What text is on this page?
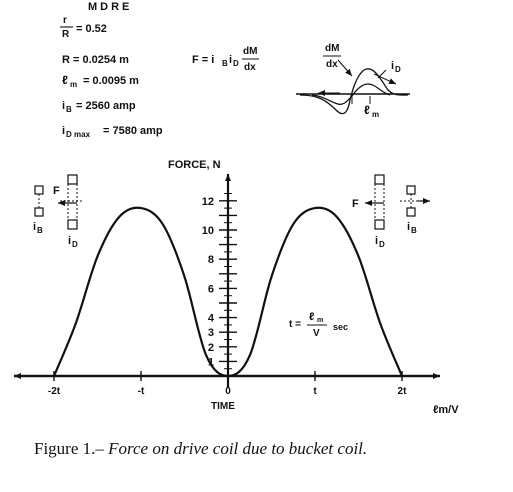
MDRE
r
R = 0.52
R = 0.0254 m
ℓ m = 0.0095 m
i B = 2560 amp
i D max = 7580 amp
F = i B i D
dM
dx
dM
dx	i D
ℓ m
F
i B
i D
F
i D
i B
1
2
3
4
6
8
10
12
-2t	-t	0	t	2t
FORCE, N
TIME	ℓm/V
t =
ℓ m
V
sec
Figure 1.– Force on drive coil due to bucket coil.
